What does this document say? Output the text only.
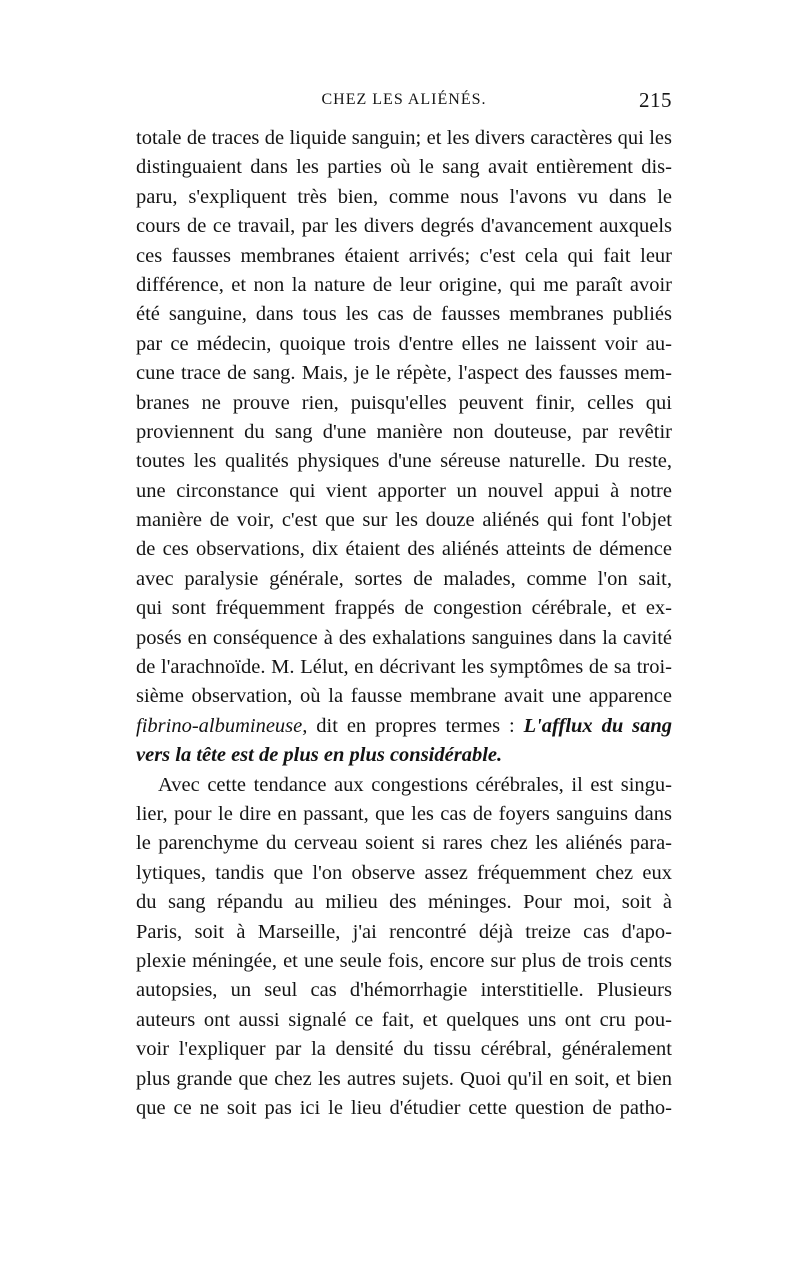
CHEZ LES ALIÉNÉS.	215
totale de traces de liquide sanguin; et les divers caractères qui les
distinguaient dans les parties où le sang avait entièrement dis-
paru, s'expliquent très bien, comme nous l'avons vu dans le
cours de ce travail, par les divers degrés d'avancement auxquels
ces fausses membranes étaient arrivés; c'est cela qui fait leur
différence, et non la nature de leur origine, qui me paraît avoir
été sanguine, dans tous les cas de fausses membranes publiés
par ce médecin, quoique trois d'entre elles ne laissent voir au-
cune trace de sang. Mais, je le répète, l'aspect des fausses mem-
branes ne prouve rien, puisqu'elles peuvent finir, celles qui
proviennent du sang d'une manière non douteuse, par revêtir
toutes les qualités physiques d'une séreuse naturelle. Du reste,
une circonstance qui vient apporter un nouvel appui à notre
manière de voir, c'est que sur les douze aliénés qui font l'objet
de ces observations, dix étaient des aliénés atteints de démence
avec paralysie générale, sortes de malades, comme l'on sait,
qui sont fréquemment frappés de congestion cérébrale, et ex-
posés en conséquence à des exhalations sanguines dans la cavité
de l'arachnoïde. M. Lélut, en décrivant les symptômes de sa troi-
sième observation, où la fausse membrane avait une apparence
fibrino-albumineuse, dit en propres termes : L'afflux du sang
vers la tête est de plus en plus considérable.
Avec cette tendance aux congestions cérébrales, il est singu-
lier, pour le dire en passant, que les cas de foyers sanguins dans
le parenchyme du cerveau soient si rares chez les aliénés para-
lytiques, tandis que l'on observe assez fréquemment chez eux
du sang répandu au milieu des méninges. Pour moi, soit à
Paris, soit à Marseille, j'ai rencontré déjà treize cas d'apo-
plexie méningée, et une seule fois, encore sur plus de trois cents
autopsies, un seul cas d'hémorrhagie interstitielle. Plusieurs
auteurs ont aussi signalé ce fait, et quelques uns ont cru pou-
voir l'expliquer par la densité du tissu cérébral, généralement
plus grande que chez les autres sujets. Quoi qu'il en soit, et bien
que ce ne soit pas ici le lieu d'étudier cette question de patho-
